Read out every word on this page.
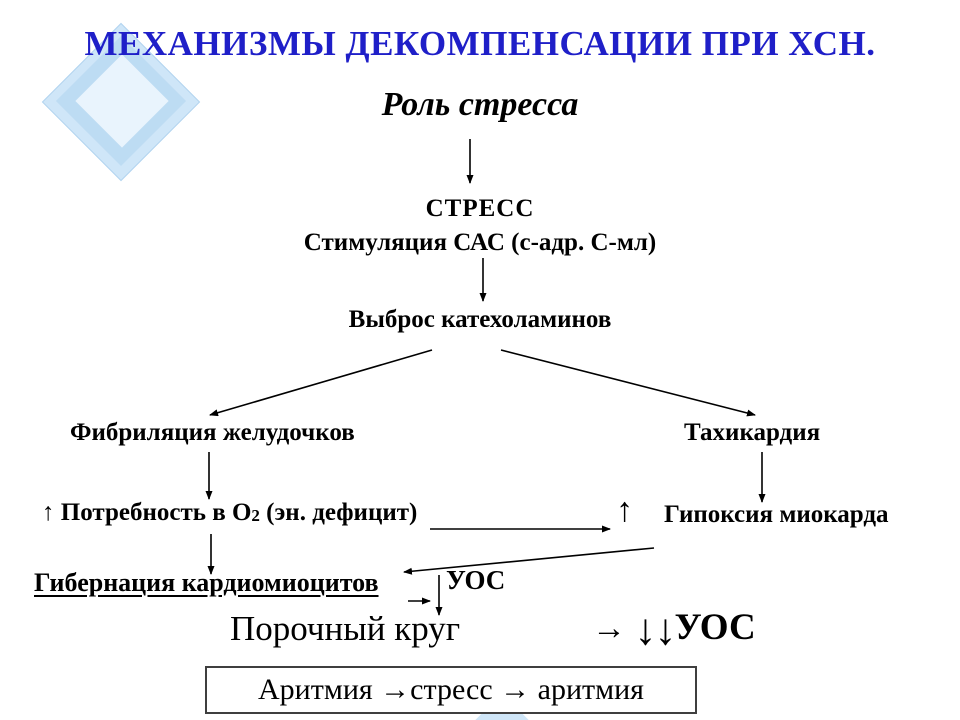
МЕХАНИЗМЫ ДЕКОМПЕНСАЦИИ ПРИ ХСН.
Роль стресса
СТРЕСС
Стимуляция САС (с-адр. С-мл)
Выброс катехоламинов
Фибриляция желудочков	Тахикардия
↑ Потребность в $О_2$ (эн. дефицит)	↑ Гипоксия миокарда
Гибернация кардиомиоцитов УОС
Порочный круг	→ ↓↓УОС
Аритмия →стресс → аритмия
